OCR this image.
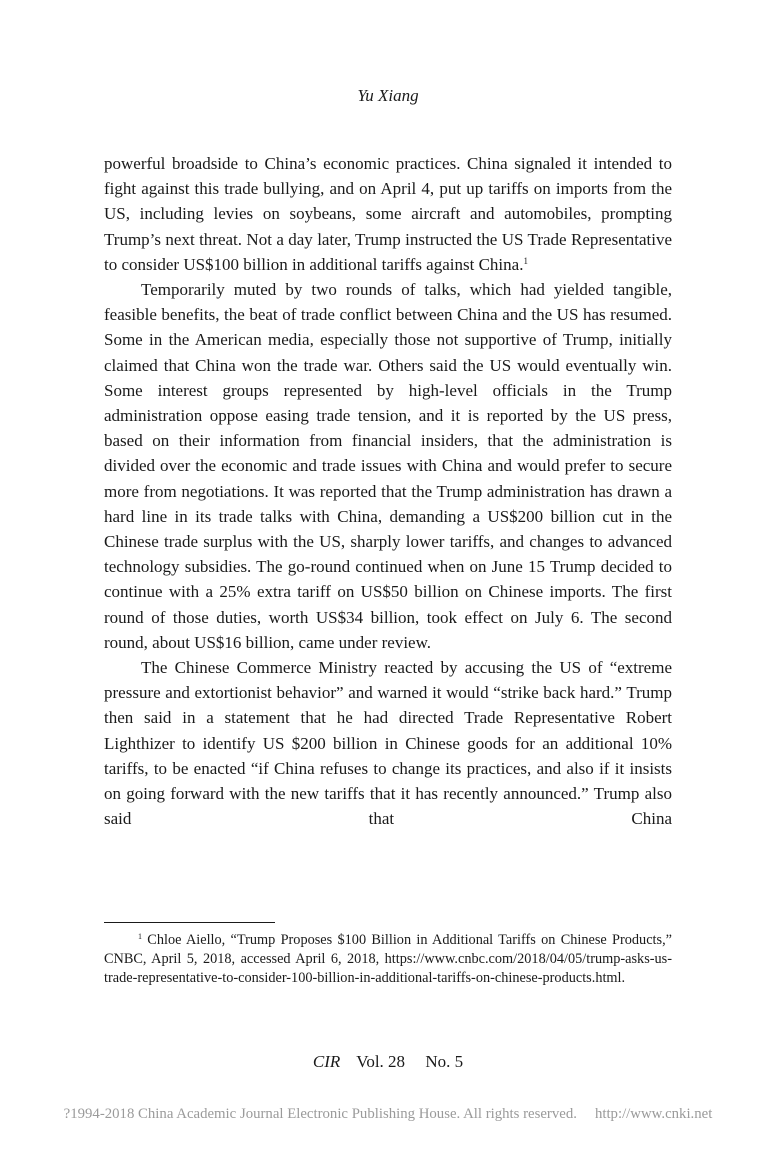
Yu Xiang

powerful broadside to China’s economic practices. China signaled it intended to fight against this trade bullying, and on April 4, put up tariffs on imports from the US, including levies on soybeans, some aircraft and automobiles, prompting Trump’s next threat. Not a day later, Trump instructed the US Trade Representative to consider US$100 billion in additional tariffs against China.$^1$

Temporarily muted by two rounds of talks, which had yielded tangible, feasible benefits, the beat of trade conflict between China and the US has resumed. Some in the American media, especially those not supportive of Trump, initially claimed that China won the trade war. Others said the US would eventually win. Some interest groups represented by high-level officials in the Trump administration oppose easing trade tension, and it is reported by the US press, based on their information from financial insiders, that the administration is divided over the economic and trade issues with China and would prefer to secure more from negotiations. It was reported that the Trump administration has drawn a hard line in its trade talks with China, demanding a US$200 billion cut in the Chinese trade surplus with the US, sharply lower tariffs, and changes to advanced technology subsidies. The go-round continued when on June 15 Trump decided to continue with a 25% extra tariff on US$50 billion on Chinese imports. The first round of those duties, worth US$34 billion, took effect on July 6. The second round, about US$16 billion, came under review.

The Chinese Commerce Ministry reacted by accusing the US of “extreme pressure and extortionist behavior” and warned it would “strike back hard.” Trump then said in a statement that he had directed Trade Representative Robert Lighthizer to identify US $200 billion in Chinese goods for an additional 10% tariffs, to be enacted “if China refuses to change its practices, and also if it insists on going forward with the new tariffs that it has recently announced.” Trump also said that China

$^1$ Chloe Aiello, “Trump Proposes $100 Billion in Additional Tariffs on Chinese Products,” CNBC, April 5, 2018, accessed April 6, 2018, https://www.cnbc.com/2018/04/05/trump-asks-us-trade-representative-to-consider-100-billion-in-additional-tariffs-on-chinese-products.html.

CIR Vol. 28 No. 5
?1994-2018 China Academic Journal Electronic Publishing House. All rights reserved. http://www.cnki.net
